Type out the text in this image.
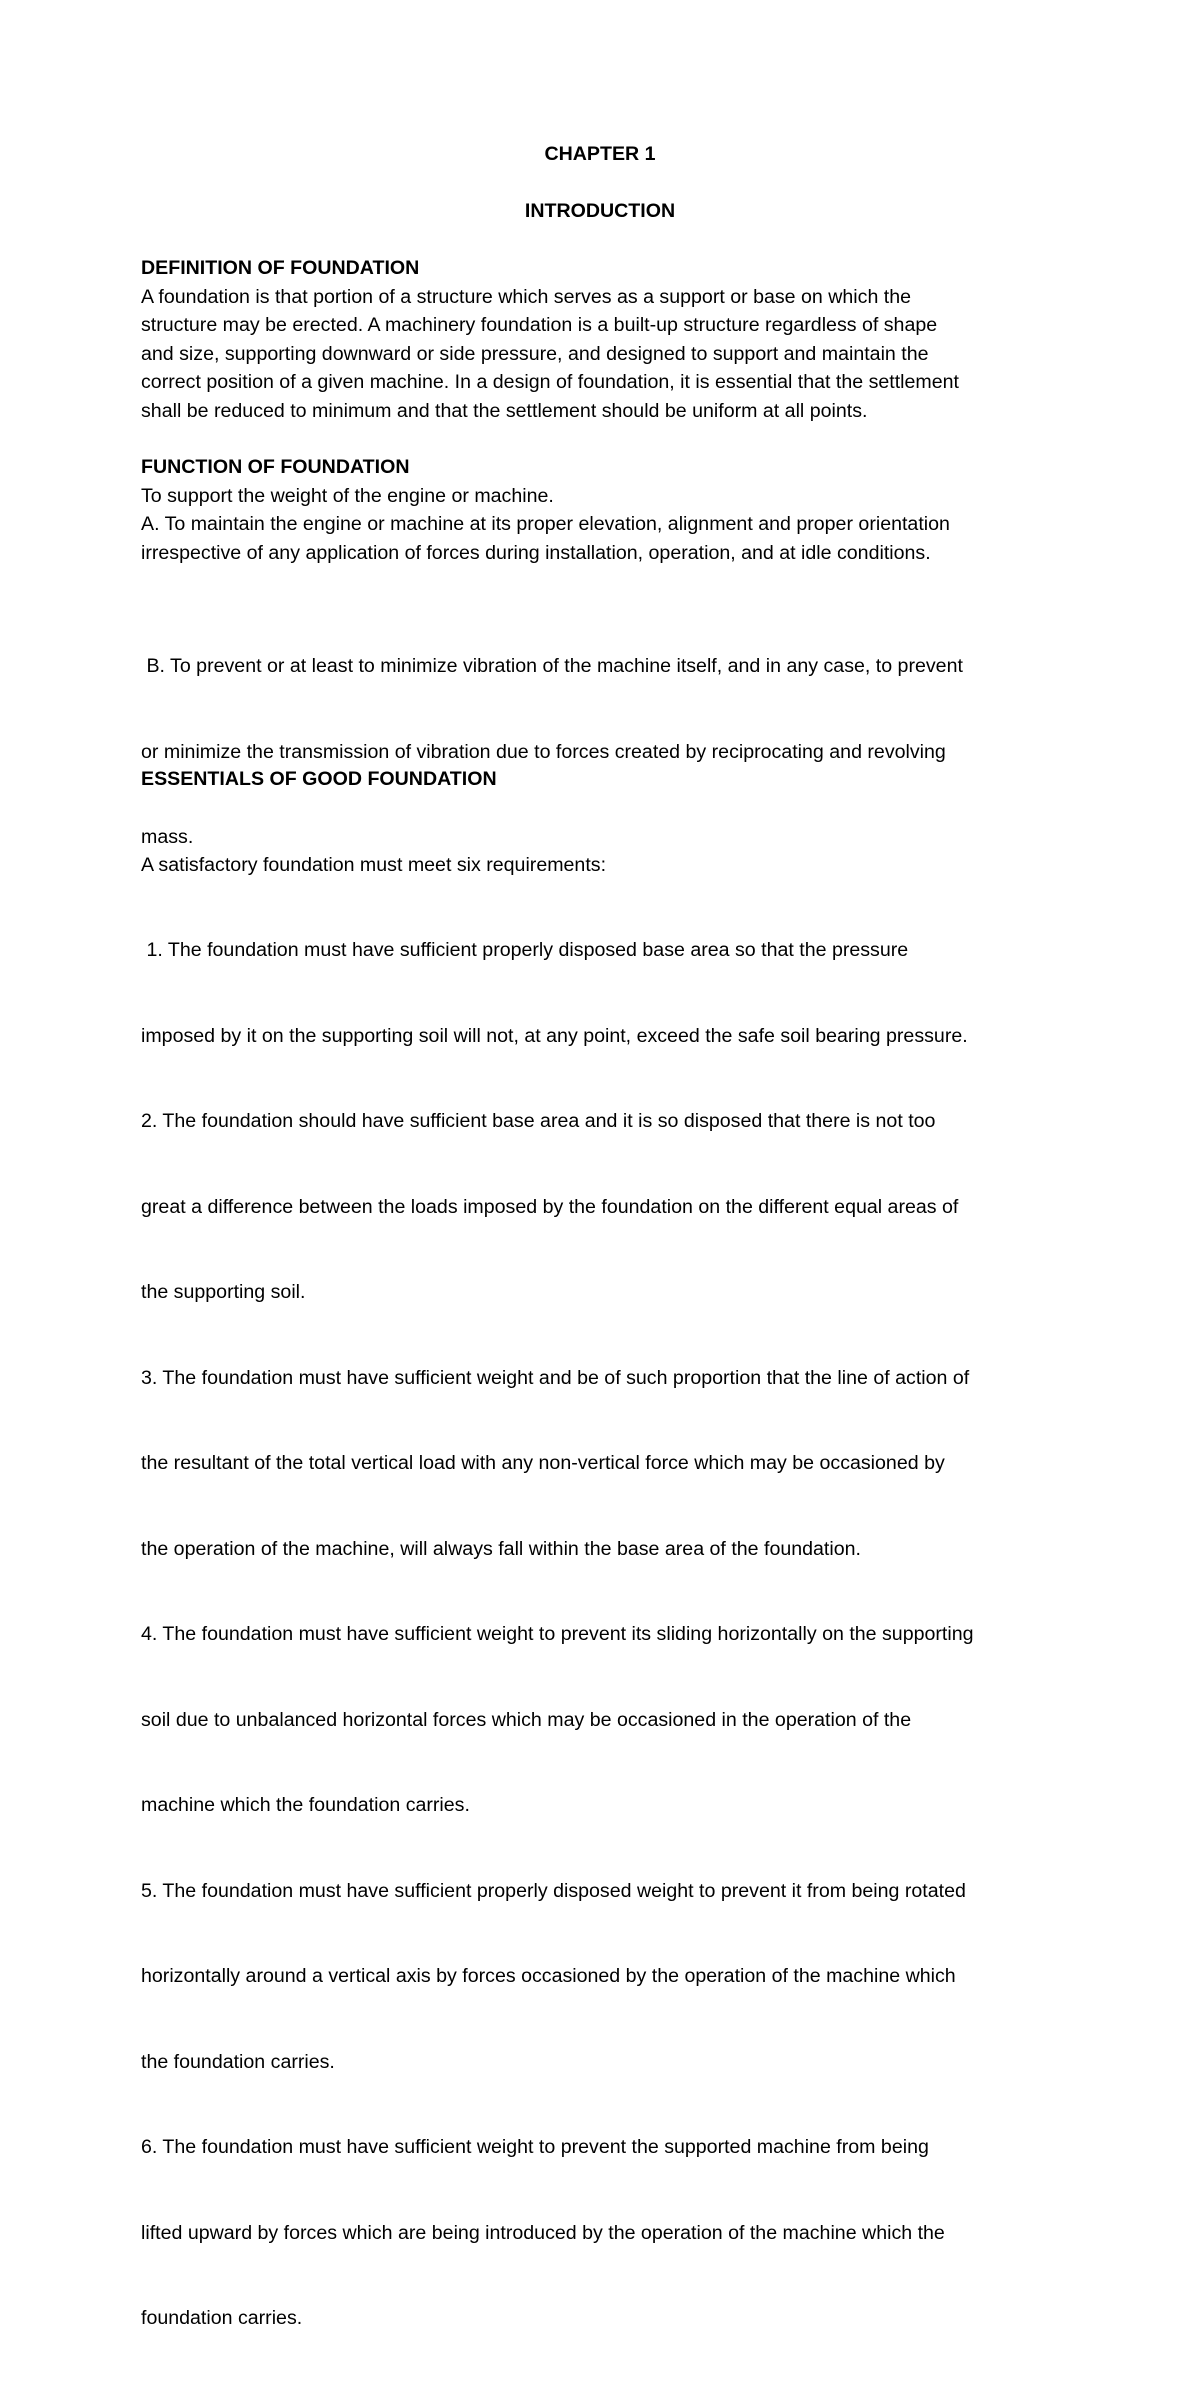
CHAPTER 1
INTRODUCTION
DEFINITION OF FOUNDATION
A foundation is that portion of a structure which serves as a support or base on which the
structure may be erected. A machinery foundation is a built-up structure regardless of shape
and size, supporting downward or side pressure, and designed to support and maintain the
correct position of a given machine. In a design of foundation, it is essential that the settlement
shall be reduced to minimum and that the settlement should be uniform at all points.
FUNCTION OF FOUNDATION
To support the weight of the engine or machine.
A. To maintain the engine or machine at its proper elevation, alignment and proper orientation
irrespective of any application of forces during installation, operation, and at idle conditions.

B. To prevent or at least to minimize vibration of the machine itself, and in any case, to prevent

or minimize the transmission of vibration due to forces created by reciprocating and revolving

mass.

ESSENTIALS OF GOOD FOUNDATION

A satisfactory foundation must meet six requirements:

1. The foundation must have sufficient properly disposed base area so that the pressure

imposed by it on the supporting soil will not, at any point, exceed the safe soil bearing pressure.

2. The foundation should have sufficient base area and it is so disposed that there is not too

great a difference between the loads imposed by the foundation on the different equal areas of

the supporting soil.

3. The foundation must have sufficient weight and be of such proportion that the line of action of

the resultant of the total vertical load with any non-vertical force which may be occasioned by

the operation of the machine, will always fall within the base area of the foundation.

4. The foundation must have sufficient weight to prevent its sliding horizontally on the supporting

soil due to unbalanced horizontal forces which may be occasioned in the operation of the

machine which the foundation carries.

5. The foundation must have sufficient properly disposed weight to prevent it from being rotated

horizontally around a vertical axis by forces occasioned by the operation of the machine which

the foundation carries.

6. The foundation must have sufficient weight to prevent the supported machine from being

lifted upward by forces which are being introduced by the operation of the machine which the

foundation carries.
